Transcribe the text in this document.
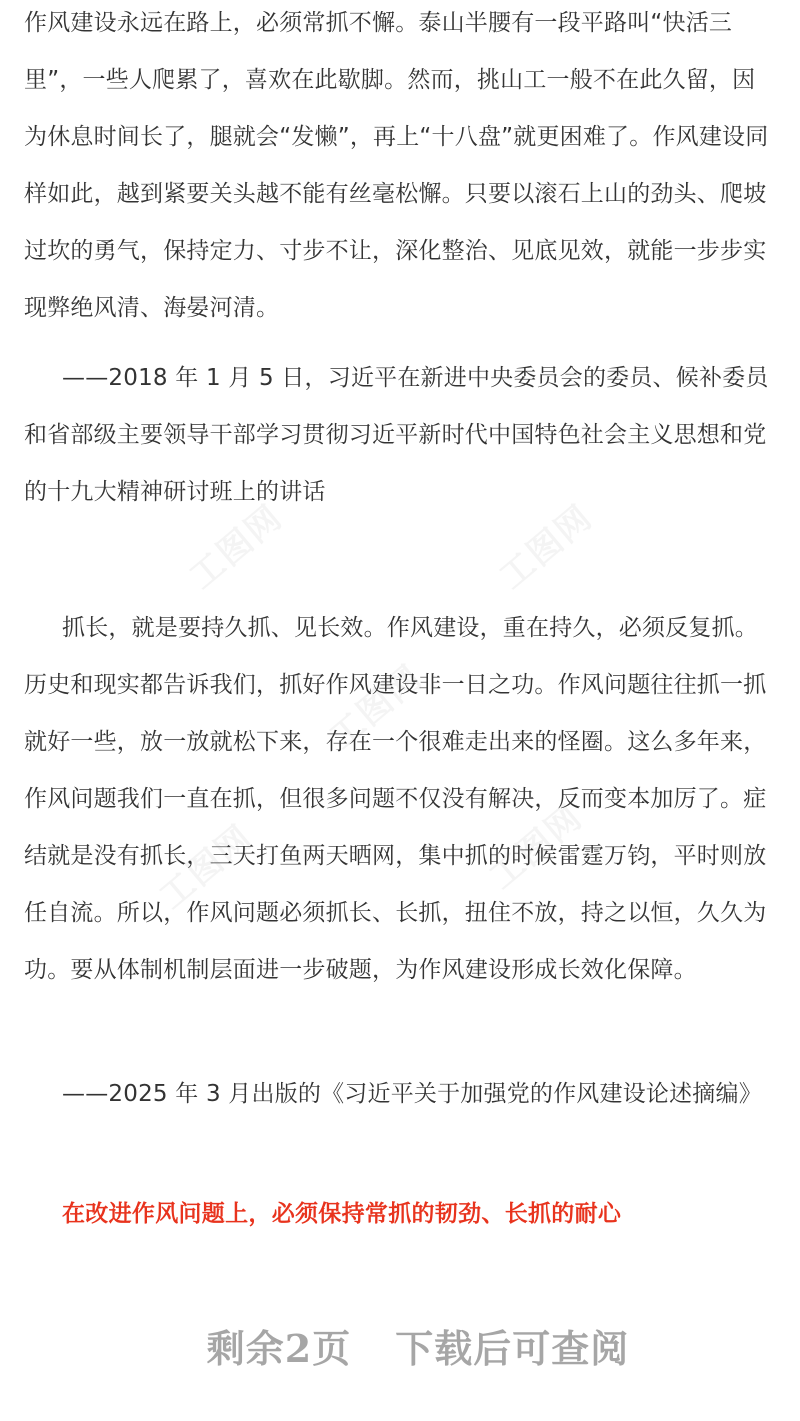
工图网	工图网
工图网
工图网	工图网

作风建设永远在路上，必须常抓不懈。泰山半腰有一段平路叫“快活三里”，一些人爬累了，喜欢在此歇脚。然而，挑山工一般不在此久留，因为休息时间长了，腿就会“发懒”，再上“十八盘”就更困难了。作风建设同样如此，越到紧要关头越不能有丝毫松懈。只要以滚石上山的劲头、爬坡过坎的勇气，保持定力、寸步不让，深化整治、见底见效，就能一步步实现弊绝风清、海晏河清。

——2018 年 1 月 5 日，习近平在新进中央委员会的委员、候补委员和省部级主要领导干部学习贯彻习近平新时代中国特色社会主义思想和党的十九大精神研讨班上的讲话

抓长，就是要持久抓、见长效。作风建设，重在持久，必须反复抓。历史和现实都告诉我们，抓好作风建设非一日之功。作风问题往往抓一抓就好一些，放一放就松下来，存在一个很难走出来的怪圈。这么多年来，作风问题我们一直在抓，但很多问题不仅没有解决，反而变本加厉了。症结就是没有抓长，三天打鱼两天晒网，集中抓的时候雷霆万钧，平时则放任自流。所以，作风问题必须抓长、长抓，扭住不放，持之以恒，久久为功。要从体制机制层面进一步破题，为作风建设形成长效化保障。

——2025 年 3 月出版的《习近平关于加强党的作风建设论述摘编》

在改进作风问题上，必须保持常抓的韧劲、长抓的耐心
剩余2页 下载后可查阅
